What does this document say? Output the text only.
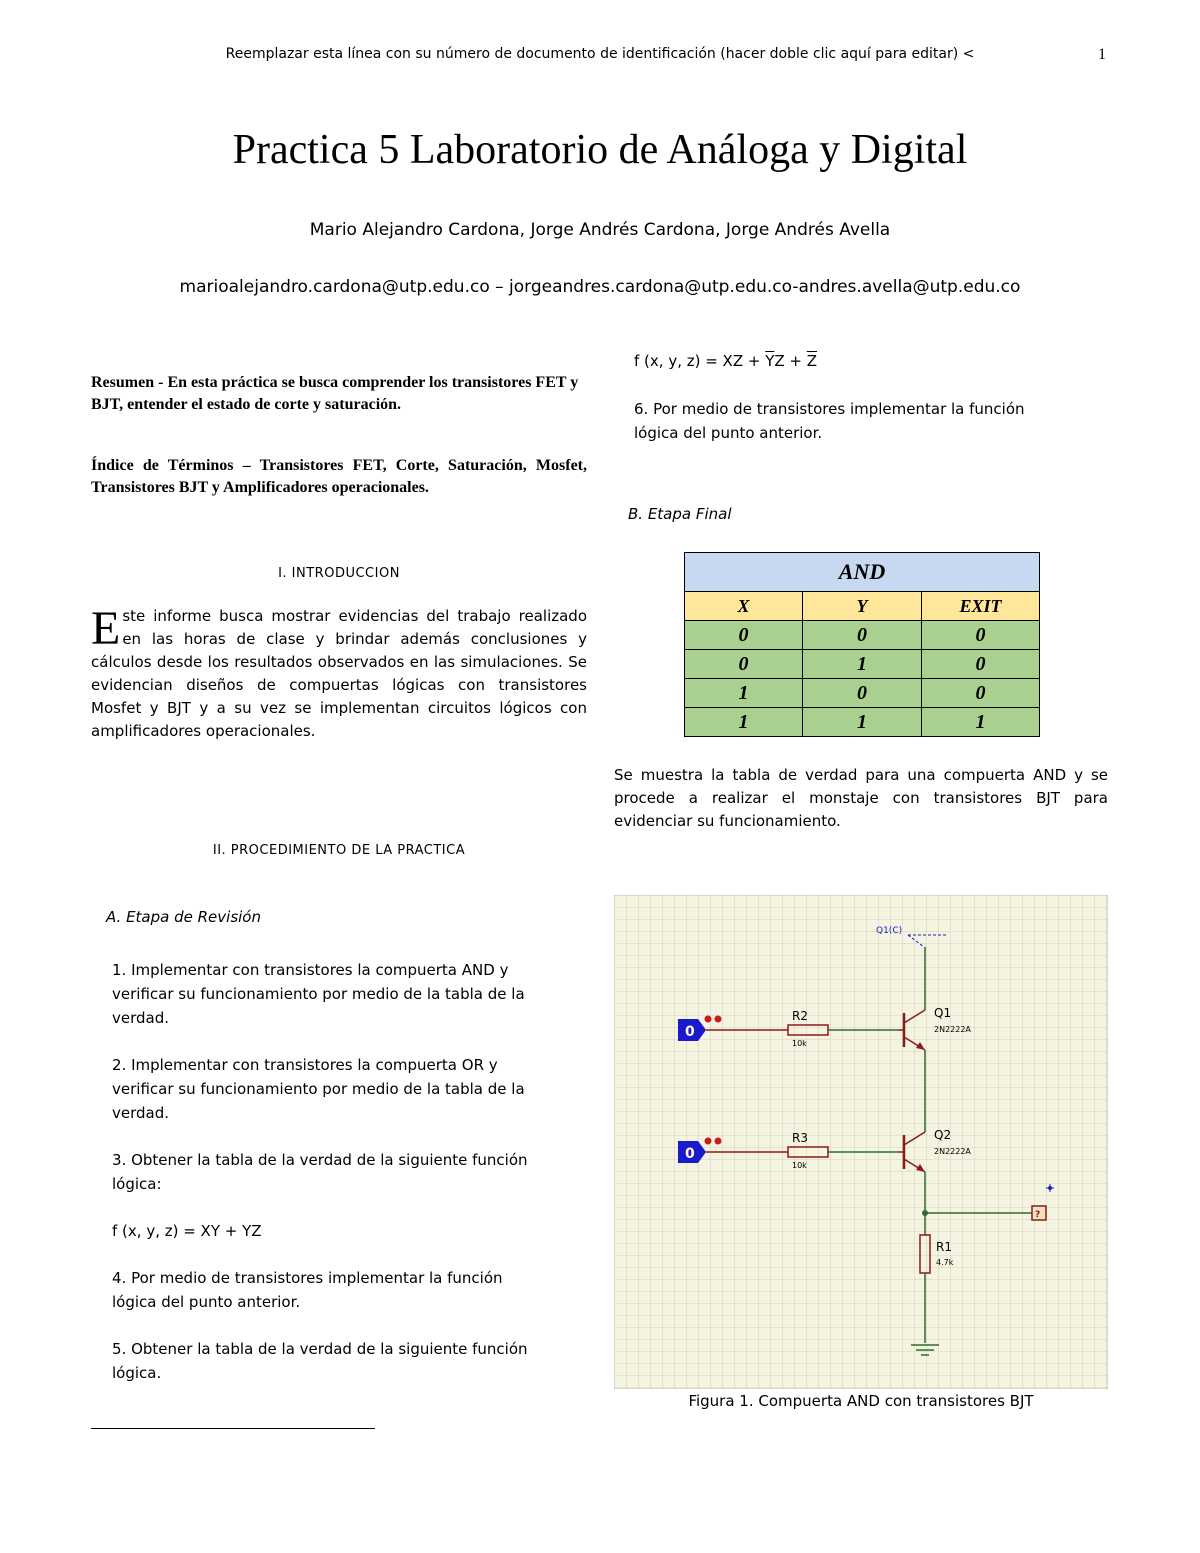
Reemplazar esta línea con su número de documento de identificación (hacer doble clic aquí para editar) <	1
Practica 5 Laboratorio de Análoga y Digital
Mario Alejandro Cardona, Jorge Andrés Cardona, Jorge Andrés Avella
marioalejandro.cardona@utp.edu.co – jorgeandres.cardona@utp.edu.co-andres.avella@utp.edu.co
Resumen - En esta práctica se busca comprender los transistores FET y BJT, entender el estado de corte y saturación.
Índice de Términos – Transistores FET, Corte, Saturación, Mosfet, Transistores BJT y Amplificadores operacionales.
I. INTRODUCCION
Este informe busca mostrar evidencias del trabajo realizado en las horas de clase y brindar además conclusiones y cálculos desde los resultados observados en las simulaciones. Se evidencian diseños de compuertas lógicas con transistores Mosfet y BJT y a su vez se implementan circuitos lógicos con amplificadores operacionales.
II. PROCEDIMIENTO DE LA PRACTICA
A. Etapa de Revisión
1. Implementar con transistores la compuerta AND y verificar su funcionamiento por medio de la tabla de la verdad.
2. Implementar con transistores la compuerta OR y verificar su funcionamiento por medio de la tabla de la verdad.
3. Obtener la tabla de la verdad de la siguiente función lógica:
f (x, y, z) = XY + YZ
4. Por medio de transistores implementar la función lógica del punto anterior.
5. Obtener la tabla de la verdad de la siguiente función lógica.
f (x, y, z) = XZ + $\overline{Y}Z + \overline{Z}$
6. Por medio de transistores implementar la función lógica del punto anterior.
B. Etapa Final
AND		
X	Y	EXIT
0	0	0
0	1	0
1	0	0
1	1	1
Se muestra la tabla de verdad para una compuerta AND y se procede a realizar el monstaje con transistores BJT para evidenciar su funcionamiento.
Q1(C)
0
R2
10k
Q1
2N2222A
0
R3
10k
Q2
2N2222A
?
R1
4.7k
Figura 1. Compuerta AND con transistores BJT
